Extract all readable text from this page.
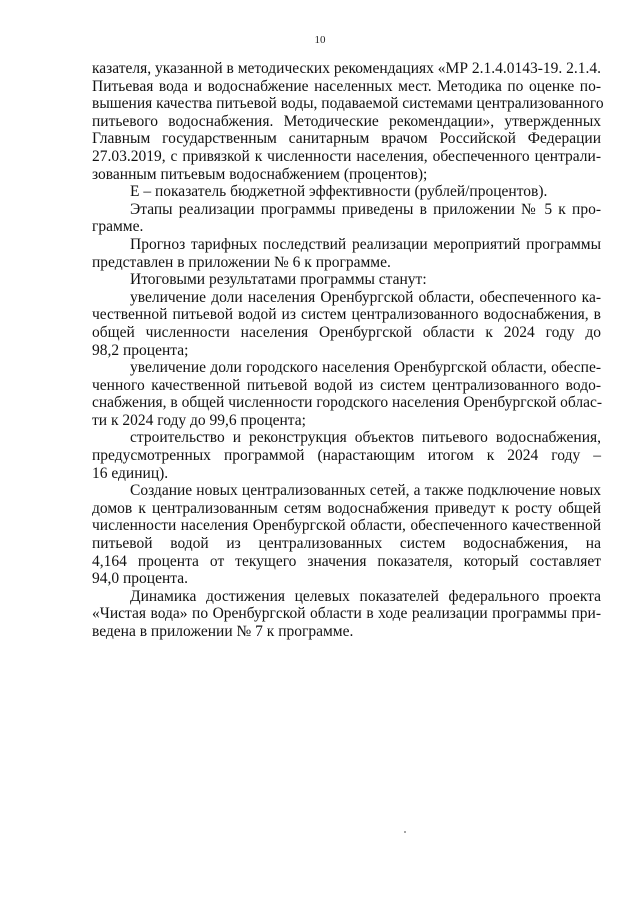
10
казателя, указанной в методических рекомендациях «МР 2.1.4.0143-19. 2.1.4.
Питьевая вода и водоснабжение населенных мест. Методика по оценке по-
вышения качества питьевой воды, подаваемой системами централизованного
питьевого водоснабжения. Методические рекомендации», утвержденных
Главным государственным санитарным врачом Российской Федерации
27.03.2019, с привязкой к численности населения, обеспеченного централи-
зованным питьевым водоснабжением (процентов);
Е – показатель бюджетной эффективности (рублей/процентов).
Этапы реализации программы приведены в приложении № 5 к про-
грамме.
Прогноз тарифных последствий реализации мероприятий программы
представлен в приложении № 6 к программе.
Итоговыми результатами программы станут:
увеличение доли населения Оренбургской области, обеспеченного ка-
чественной питьевой водой из систем централизованного водоснабжения, в
общей численности населения Оренбургской области к 2024 году до
98,2 процента;
увеличение доли городского населения Оренбургской области, обеспе-
ченного качественной питьевой водой из систем централизованного водо-
снабжения, в общей численности городского населения Оренбургской облас-
ти к 2024 году до 99,6 процента;
строительство и реконструкция объектов питьевого водоснабжения,
предусмотренных программой (нарастающим итогом к 2024 году –
16 единиц).
Создание новых централизованных сетей, а также подключение новых
домов к централизованным сетям водоснабжения приведут к росту общей
численности населения Оренбургской области, обеспеченного качественной
питьевой водой из централизованных систем водоснабжения, на
4,164 процента от текущего значения показателя, который составляет
94,0 процента.
Динамика достижения целевых показателей федерального проекта
«Чистая вода» по Оренбургской области в ходе реализации программы при-
ведена в приложении № 7 к программе.
